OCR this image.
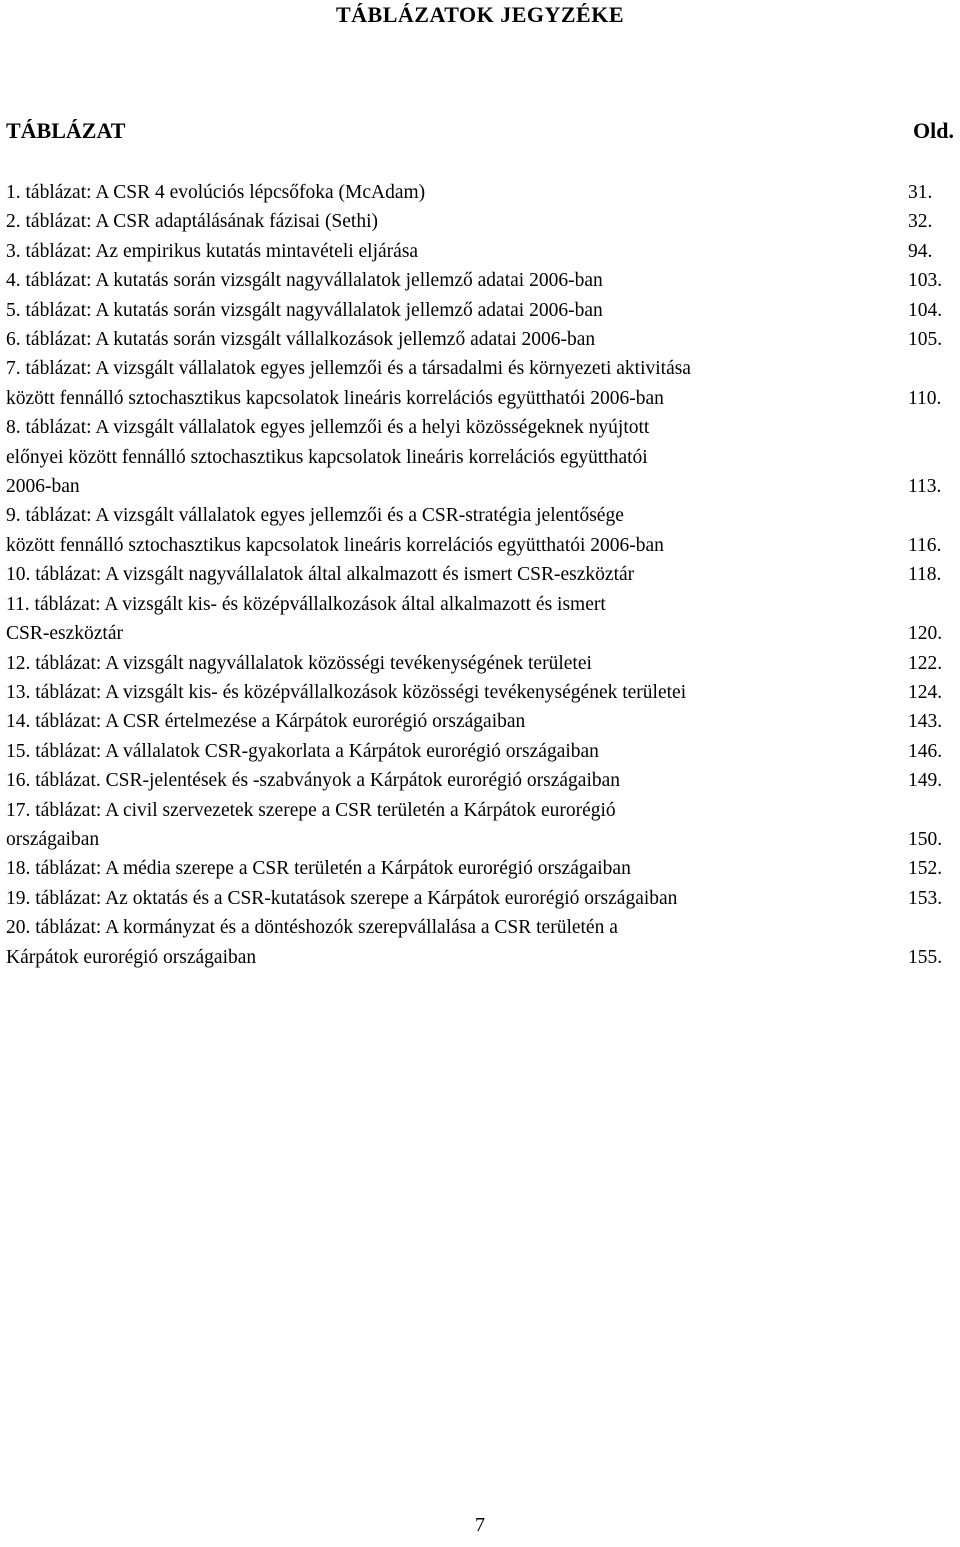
TÁBLÁZATOK JEGYZÉKE
TÁBLÁZAT	Old.
1. táblázat: A CSR 4 evolúciós lépcsőfoka (McAdam)	31.
2. táblázat: A CSR adaptálásának fázisai (Sethi)	32.
3. táblázat: Az empirikus kutatás mintavételi eljárása	94.
4. táblázat: A kutatás során vizsgált nagyvállalatok jellemző adatai 2006-ban	103.
5. táblázat: A kutatás során vizsgált nagyvállalatok jellemző adatai 2006-ban	104.
6. táblázat: A kutatás során vizsgált vállalkozások jellemző adatai 2006-ban	105.
7. táblázat: A vizsgált vállalatok egyes jellemzői és a társadalmi és környezeti aktivitása
között fennálló sztochasztikus kapcsolatok lineáris korrelációs együtthatói 2006-ban	110.
8. táblázat: A vizsgált vállalatok egyes jellemzői és a helyi közösségeknek nyújtott
előnyei között fennálló sztochasztikus kapcsolatok lineáris korrelációs együtthatói
2006-ban	113.
9. táblázat: A vizsgált vállalatok egyes jellemzői és a CSR-stratégia jelentősége
között fennálló sztochasztikus kapcsolatok lineáris korrelációs együtthatói 2006-ban	116.
10. táblázat: A vizsgált nagyvállalatok által alkalmazott és ismert CSR-eszköztár	118.
11. táblázat: A vizsgált kis- és középvállalkozások által alkalmazott és ismert
CSR-eszköztár	120.
12. táblázat: A vizsgált nagyvállalatok közösségi tevékenységének területei	122.
13. táblázat: A vizsgált kis- és középvállalkozások közösségi tevékenységének területei	124.
14. táblázat: A CSR értelmezése a Kárpátok eurorégió országaiban	143.
15. táblázat: A vállalatok CSR-gyakorlata a Kárpátok eurorégió országaiban	146.
16. táblázat. CSR-jelentések és -szabványok a Kárpátok eurorégió országaiban	149.
17. táblázat: A civil szervezetek szerepe a CSR területén a Kárpátok eurorégió
országaiban	150.
18. táblázat: A média szerepe a CSR területén a Kárpátok eurorégió országaiban	152.
19. táblázat: Az oktatás és a CSR-kutatások szerepe a Kárpátok eurorégió országaiban	153.
20. táblázat: A kormányzat és a döntéshozók szerepvállalása a CSR területén a
Kárpátok eurorégió országaiban	155.
7
